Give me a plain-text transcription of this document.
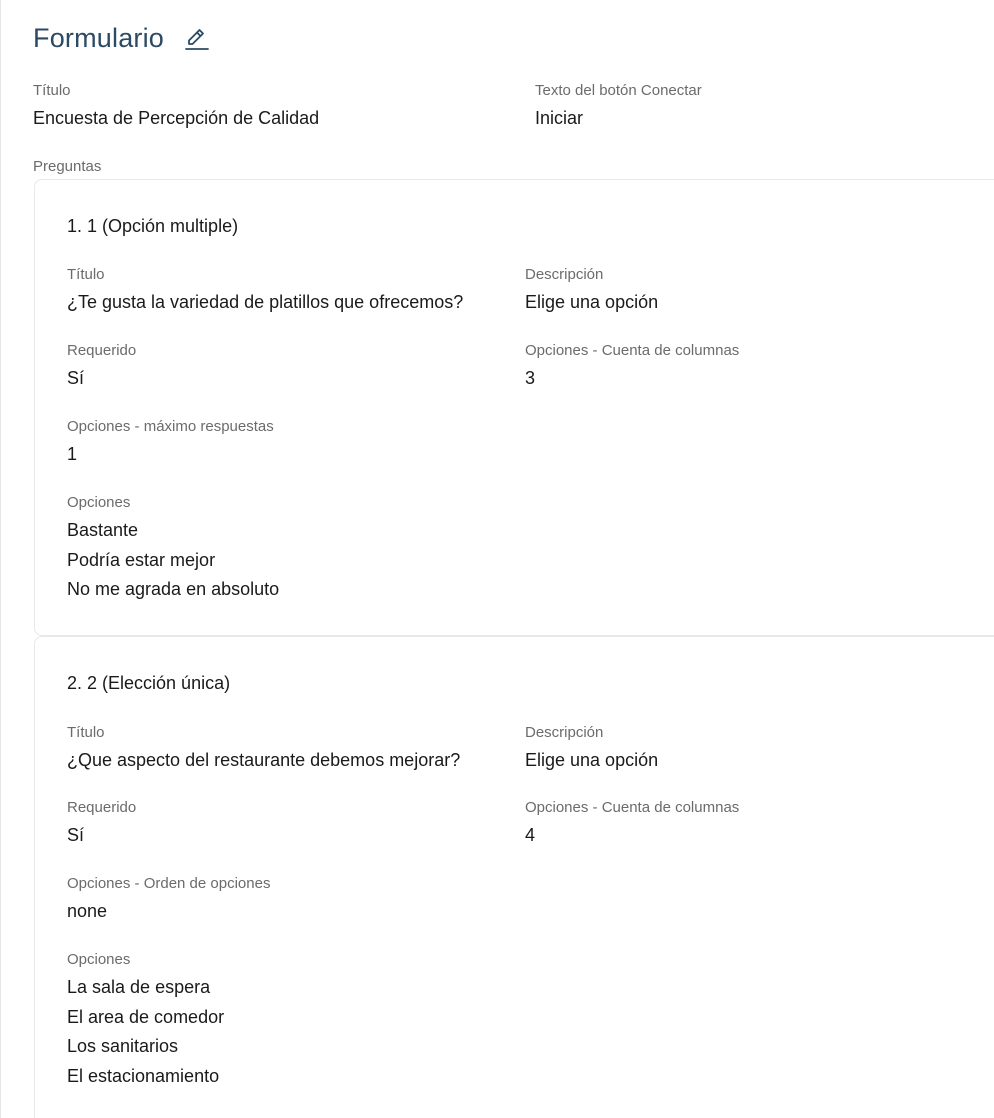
Formulario
Título
Encuesta de Percepción de Calidad
Texto del botón Conectar
Iniciar
Preguntas
1. 1 (Opción multiple)
Título
¿Te gusta la variedad de platillos que ofrecemos?
Descripción
Elige una opción
Requerido
Sí
Opciones - Cuenta de columnas
3
Opciones - máximo respuestas
1
Opciones
Bastante
Podría estar mejor
No me agrada en absoluto
2. 2 (Elección única)
Título
¿Que aspecto del restaurante debemos mejorar?
Descripción
Elige una opción
Requerido
Sí
Opciones - Cuenta de columnas
4
Opciones - Orden de opciones
none
Opciones
La sala de espera
El area de comedor
Los sanitarios
El estacionamiento
